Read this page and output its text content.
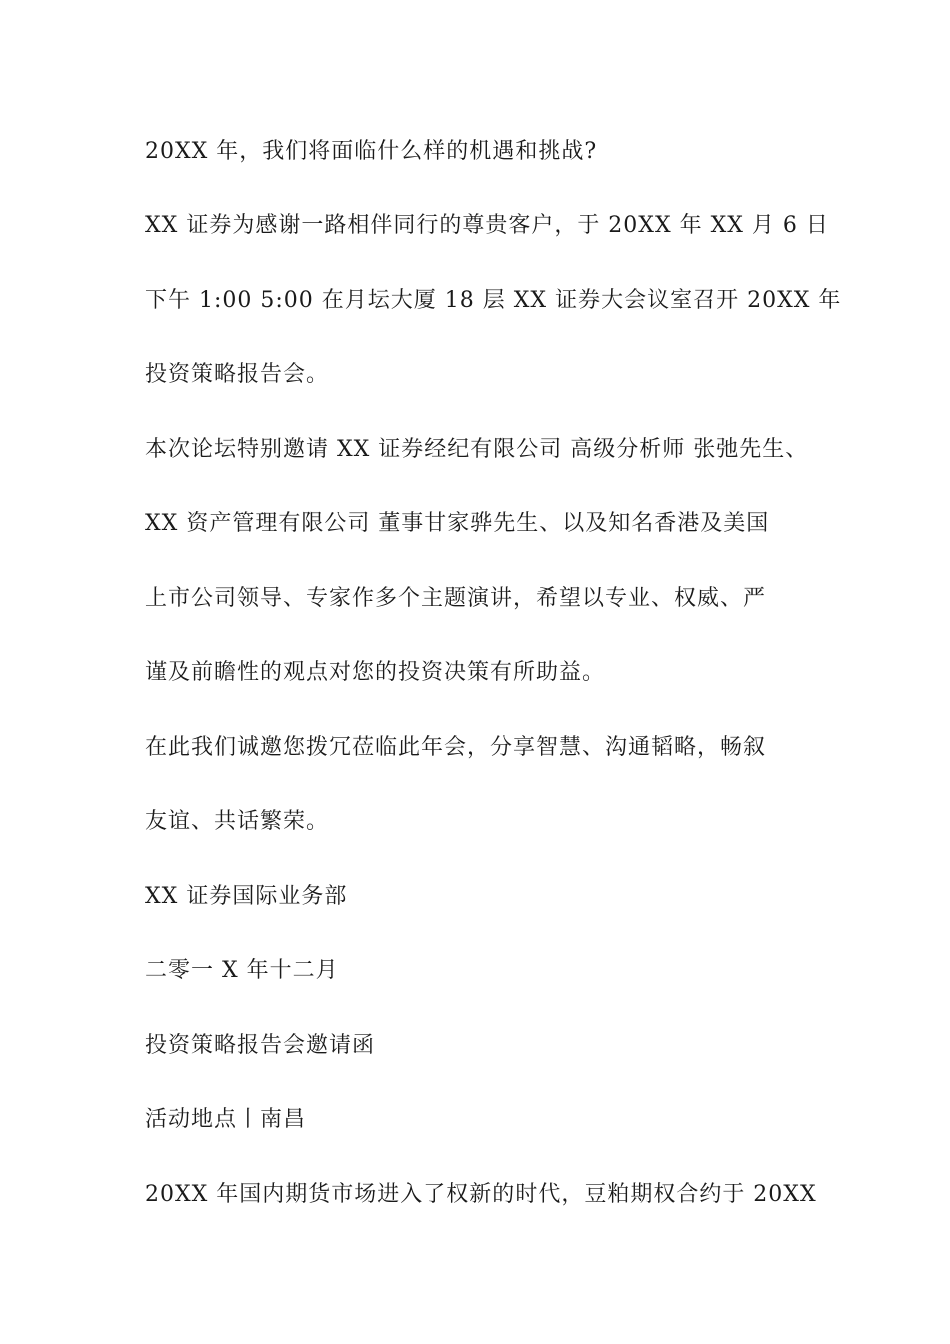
20XX 年，我们将面临什么样的机遇和挑战?

XX 证券为感谢一路相伴同行的尊贵客户，于 20XX 年 XX 月 6 日

下午 1:00 5:00 在月坛大厦 18 层 XX 证券大会议室召开 20XX 年

投资策略报告会。

本次论坛特别邀请 XX 证券经纪有限公司 高级分析师 张弛先生、

XX 资产管理有限公司 董事甘家骅先生、以及知名香港及美国

上市公司领导、专家作多个主题演讲，希望以专业、权威、严

谨及前瞻性的观点对您的投资决策有所助益。

在此我们诚邀您拨冗莅临此年会，分享智慧、沟通韬略，畅叙

友谊、共话繁荣。

XX 证券国际业务部

二零一 X 年十二月

投资策略报告会邀请函

活动地点丨南昌

20XX 年国内期货市场进入了权新的时代，豆粕期权合约于 20XX
